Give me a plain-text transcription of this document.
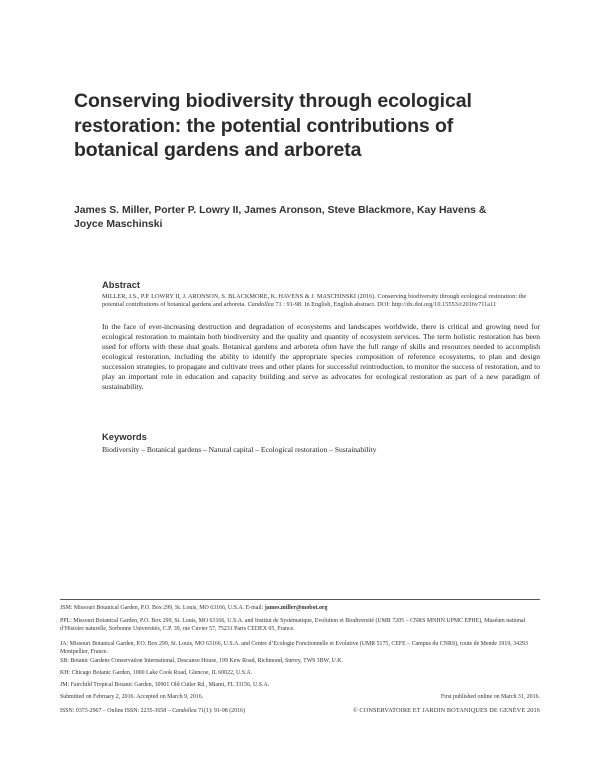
Conserving biodiversity through ecological restoration: the potential contributions of botanical gardens and arboreta

James S. Miller, Porter P. Lowry II, James Aronson, Steve Blackmore, Kay Havens & Joyce Maschinski

Abstract

MILLER, J.S., P.P. LOWRY II, J. ARONSON, S. BLACKMORE, K. HAVENS & J. MASCHINSKI (2016). Conserving biodiversity through ecological restoration: the potential contributions of botanical gardens and arboreta. Candollea 71 : 91-98. In English, English abstract. DOI: http://dx.doi.org/10.15553/c2016v711a11

In the face of ever-increasing destruction and degradation of ecosystems and landscapes worldwide, there is critical and growing need for ecological restoration to maintain both biodiversity and the quality and quantity of ecosystem services. The term holistic restoration has been used for efforts with these dual goals. Botanical gardens and arboreta often have the full range of skills and resources needed to accomplish ecological restoration, including the ability to identify the appropriate species composition of reference ecosystems, to plan and design succession strategies, to propagate and cultivate trees and other plants for successful reintroduction, to monitor the success of restoration, and to play an important role in education and capacity building and serve as advocates for ecological restoration as part of a new paradigm of sustainability.

Keywords

Biodiversity – Botanical gardens – Natural capital – Ecological restoration – Sustainability

JSM: Missouri Botanical Garden, P.O. Box 299, St. Louis, MO 63166, U.S.A. E-mail: james.miller@mobot.org

PPL: Missouri Botanical Garden, P.O. Box 299, St. Louis, MO 63166, U.S.A. and Institut de Systématique, Evolution et Biodiversité (UMR 7205 – CNRS MNHN UPMC EPHE), Muséum national d’Histoire naturelle, Sorbonne Universités, C.P. 39, rue Cuvier 57, 75231 Paris CEDEX 05, France.

JA: Missouri Botanical Garden, P.O. Box 299, St. Louis, MO 63166, U.S.A. and Centre d’Ecologie Fonctionnelle et Evolutive (UMR 5175, CEFE – Campus du CNRS), route de Mende 1919, 34293 Montpellier, France.

SB: Botanic Gardens Conservation International, Descanso House, 199 Kew Road, Richmond, Surrey, TW9 3BW, U.K.

KH: Chicago Botanic Garden, 1000 Lake Cook Road, Glencoe, IL 60022, U.S.A.

JM: Fairchild Tropical Botanic Garden, 10901 Old Cutler Rd., Miami, FL 33156, U.S.A.

Submitted on February 2, 2016. Accepted on March 9, 2016.	First published online on March 31, 2016.
ISSN: 0373-2967 – Online ISSN: 2235-3658 – Candollea 71(1): 91-98 (2016)	© CONSERVATOIRE ET JARDIN BOTANIQUES DE GENÈVE 2016
